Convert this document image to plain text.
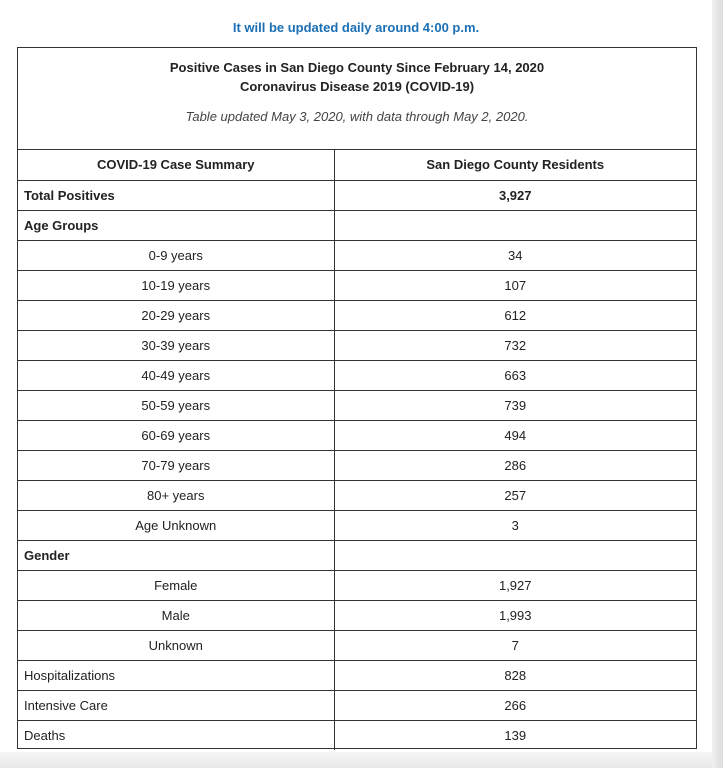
It will be updated daily around 4:00 p.m.
Positive Cases in San Diego County Since February 14, 2020
Coronavirus Disease 2019 (COVID-19)
Table updated May 3, 2020, with data through May 2, 2020.
COVID-19 Case Summary	San Diego County Residents
Total Positives	3,927
Age Groups	
0-9 years	34
10-19 years	107
20-29 years	612
30-39 years	732
40-49 years	663
50-59 years	739
60-69 years	494
70-79 years	286
80+ years	257
Age Unknown	3
Gender	
Female	1,927
Male	1,993
Unknown	7
Hospitalizations	828
Intensive Care	266
Deaths	139
